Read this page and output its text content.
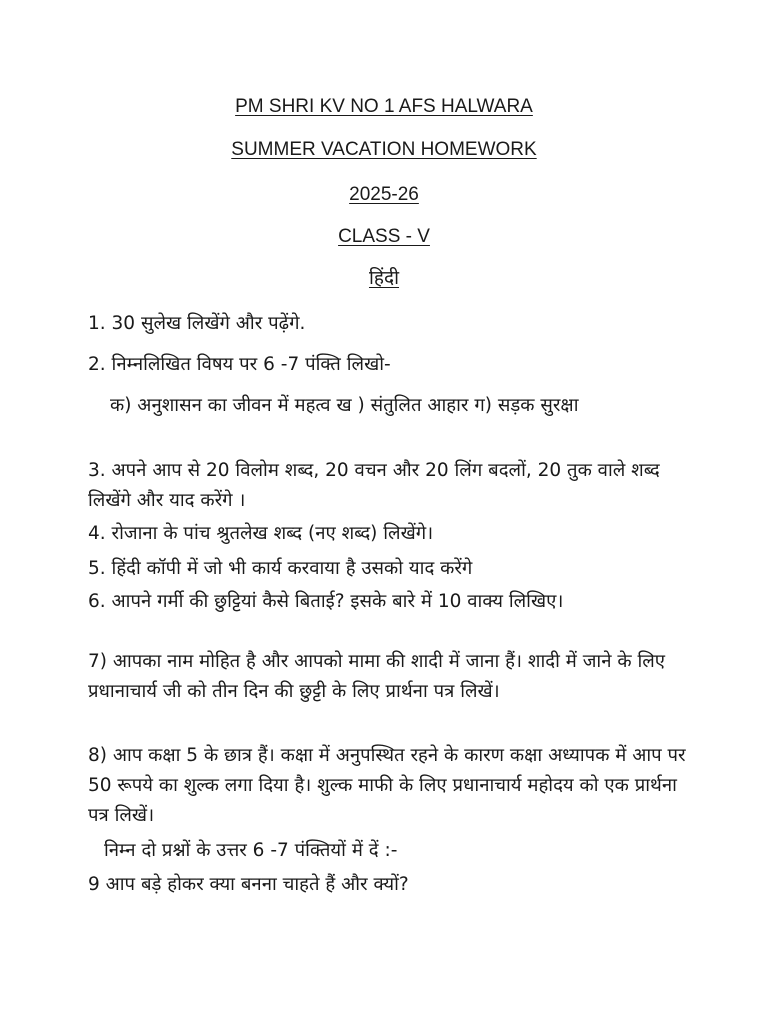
PM SHRI KV NO 1 AFS HALWARA
SUMMER VACATION HOMEWORK
2025-26
CLASS - V
हिंदी

1. 30 सुलेख लिखेंगे और पढ़ेंगे.

2. निम्नलिखित विषय पर 6 -7 पंक्ति लिखो-

क) अनुशासन का जीवन में महत्व ख ) संतुलित आहार ग) सड़क सुरक्षा

3. अपने आप से 20 विलोम शब्द, 20 वचन और 20 लिंग बदलों, 20 तुक वाले शब्द लिखेंगे और याद करेंगे ।

4. रोजाना के पांच श्रुतलेख शब्द (नए शब्द) लिखेंगे।

5. हिंदी कॉपी में जो भी कार्य करवाया है उसको याद करेंगे

6. आपने गर्मी की छुट्टियां कैसे बिताई? इसके बारे में 10 वाक्य लिखिए।

7) आपका नाम मोहित है और आपको मामा की शादी में जाना हैं। शादी में जाने के लिए प्रधानाचार्य जी को तीन दिन की छुट्टी के लिए प्रार्थना पत्र लिखें।

8) आप कक्षा 5 के छात्र हैं। कक्षा में अनुपस्थित रहने के कारण कक्षा अध्यापक में आप पर 50 रूपये का शुल्क लगा दिया है। शुल्क माफी के लिए प्रधानाचार्य महोदय को एक प्रार्थना पत्र लिखें।

निम्न दो प्रश्नों के उत्तर 6 -7 पंक्तियों में दें :-

9 आप बड़े होकर क्या बनना चाहते हैं और क्यों?
